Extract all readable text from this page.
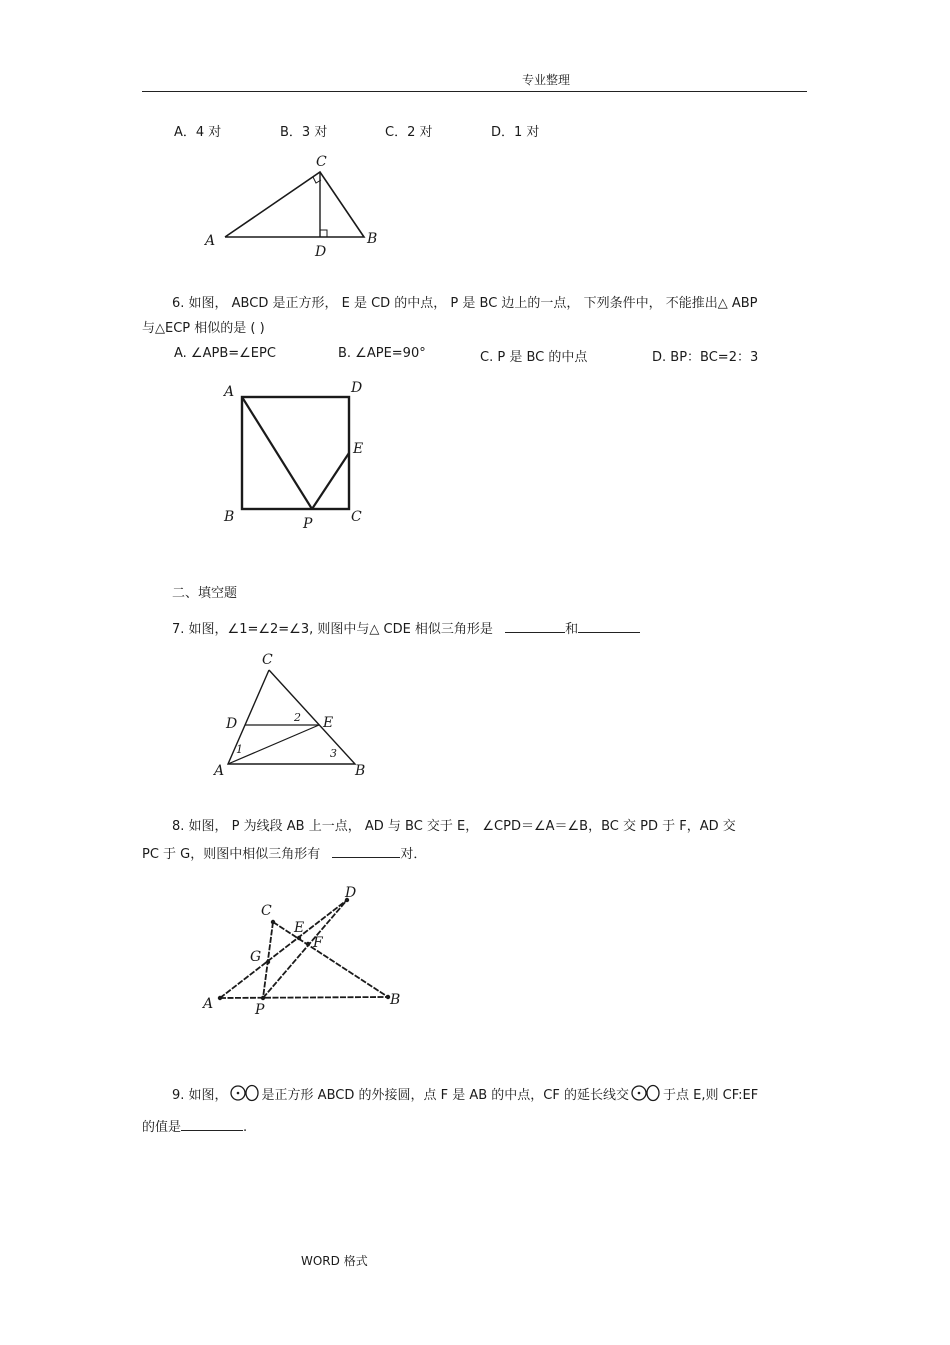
专业整理
A．4 对	B．3 对	C．2 对	D．1 对
A	B
C
D
6. 如图， ABCD 是正方形， E 是 CD 的中点， P 是 BC 边上的一点， 下列条件中， 不能推出△ ABP
与△ECP 相似的是 ( )
A. ∠APB=∠EPC	B. ∠APE=90°	C. P 是 BC 的中点	D. BP：BC=2：3
A	D
E
B	P	C
二、填空题
7. 如图，∠1=∠2=∠3, 则图中与△ CDE 相似三角形是	和
C
D	E
A	B
1
2
3
8. 如图， P 为线段 AB 上一点， AD 与 BC 交于 E， ∠CPD＝∠A＝∠B，BC 交 PD 于 F，AD 交
PC 于 G，则图中相似三角形有	对．
C
D
E
F
G
A	B
P
9. 如图，	是正方形 ABCD 的外接圆，点 F 是 AB 的中点，CF 的延长线交	于点 E,则 CF:EF
的值是	.
WORD 格式
